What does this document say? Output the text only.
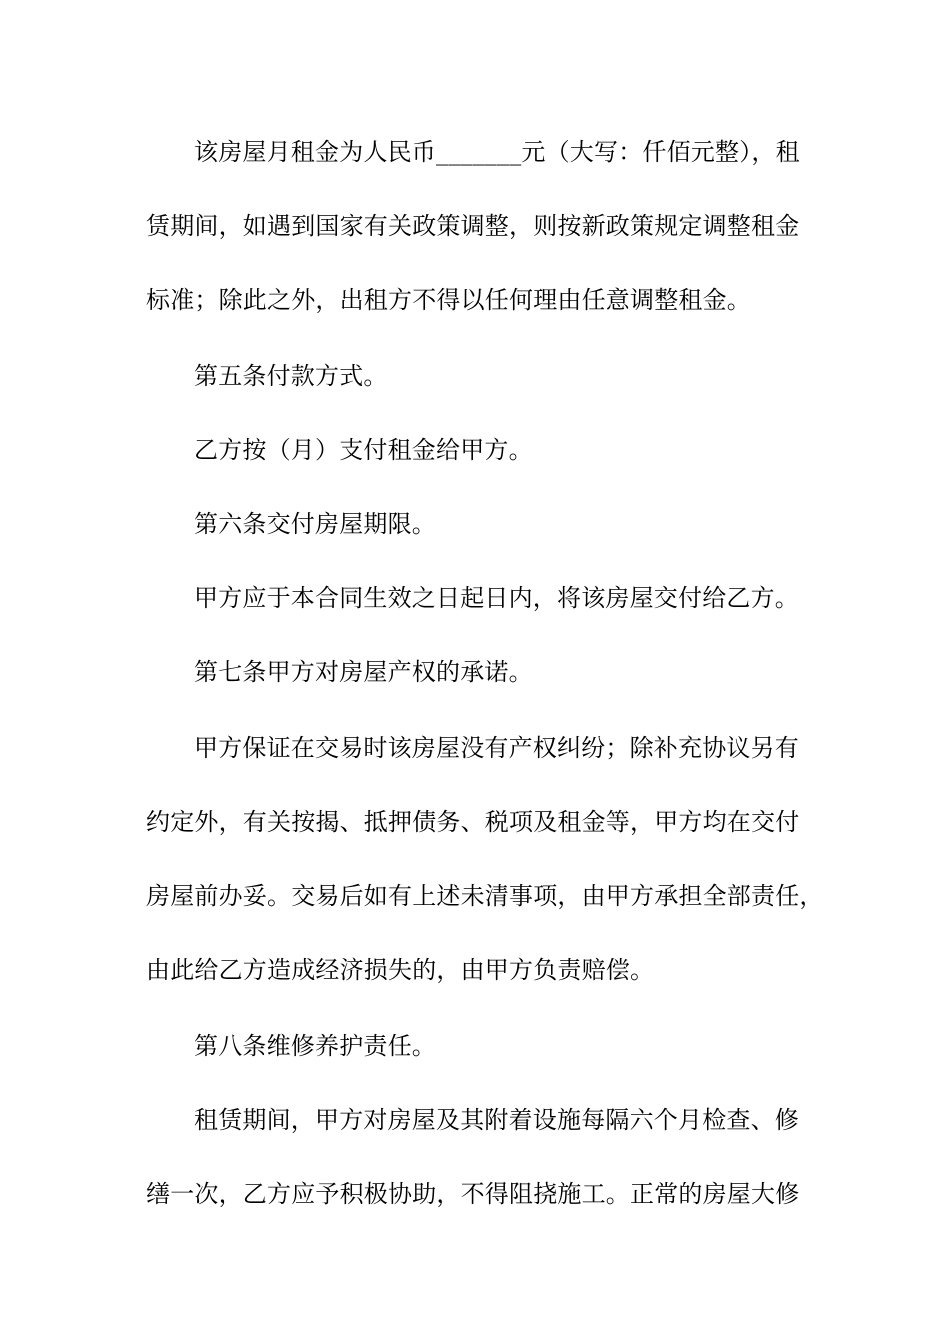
该房屋月租金为人民币_______元（大写：仟佰元整），租
赁期间，如遇到国家有关政策调整，则按新政策规定调整租金
标准；除此之外，出租方不得以任何理由任意调整租金。
第五条付款方式。
乙方按（月）支付租金给甲方。
第六条交付房屋期限。
甲方应于本合同生效之日起日内，将该房屋交付给乙方。
第七条甲方对房屋产权的承诺。
甲方保证在交易时该房屋没有产权纠纷；除补充协议另有
约定外，有关按揭、抵押债务、税项及租金等，甲方均在交付
房屋前办妥。交易后如有上述未清事项，由甲方承担全部责任，
由此给乙方造成经济损失的，由甲方负责赔偿。
第八条维修养护责任。
租赁期间，甲方对房屋及其附着设施每隔六个月检查、修
缮一次，乙方应予积极协助，不得阻挠施工。正常的房屋大修
